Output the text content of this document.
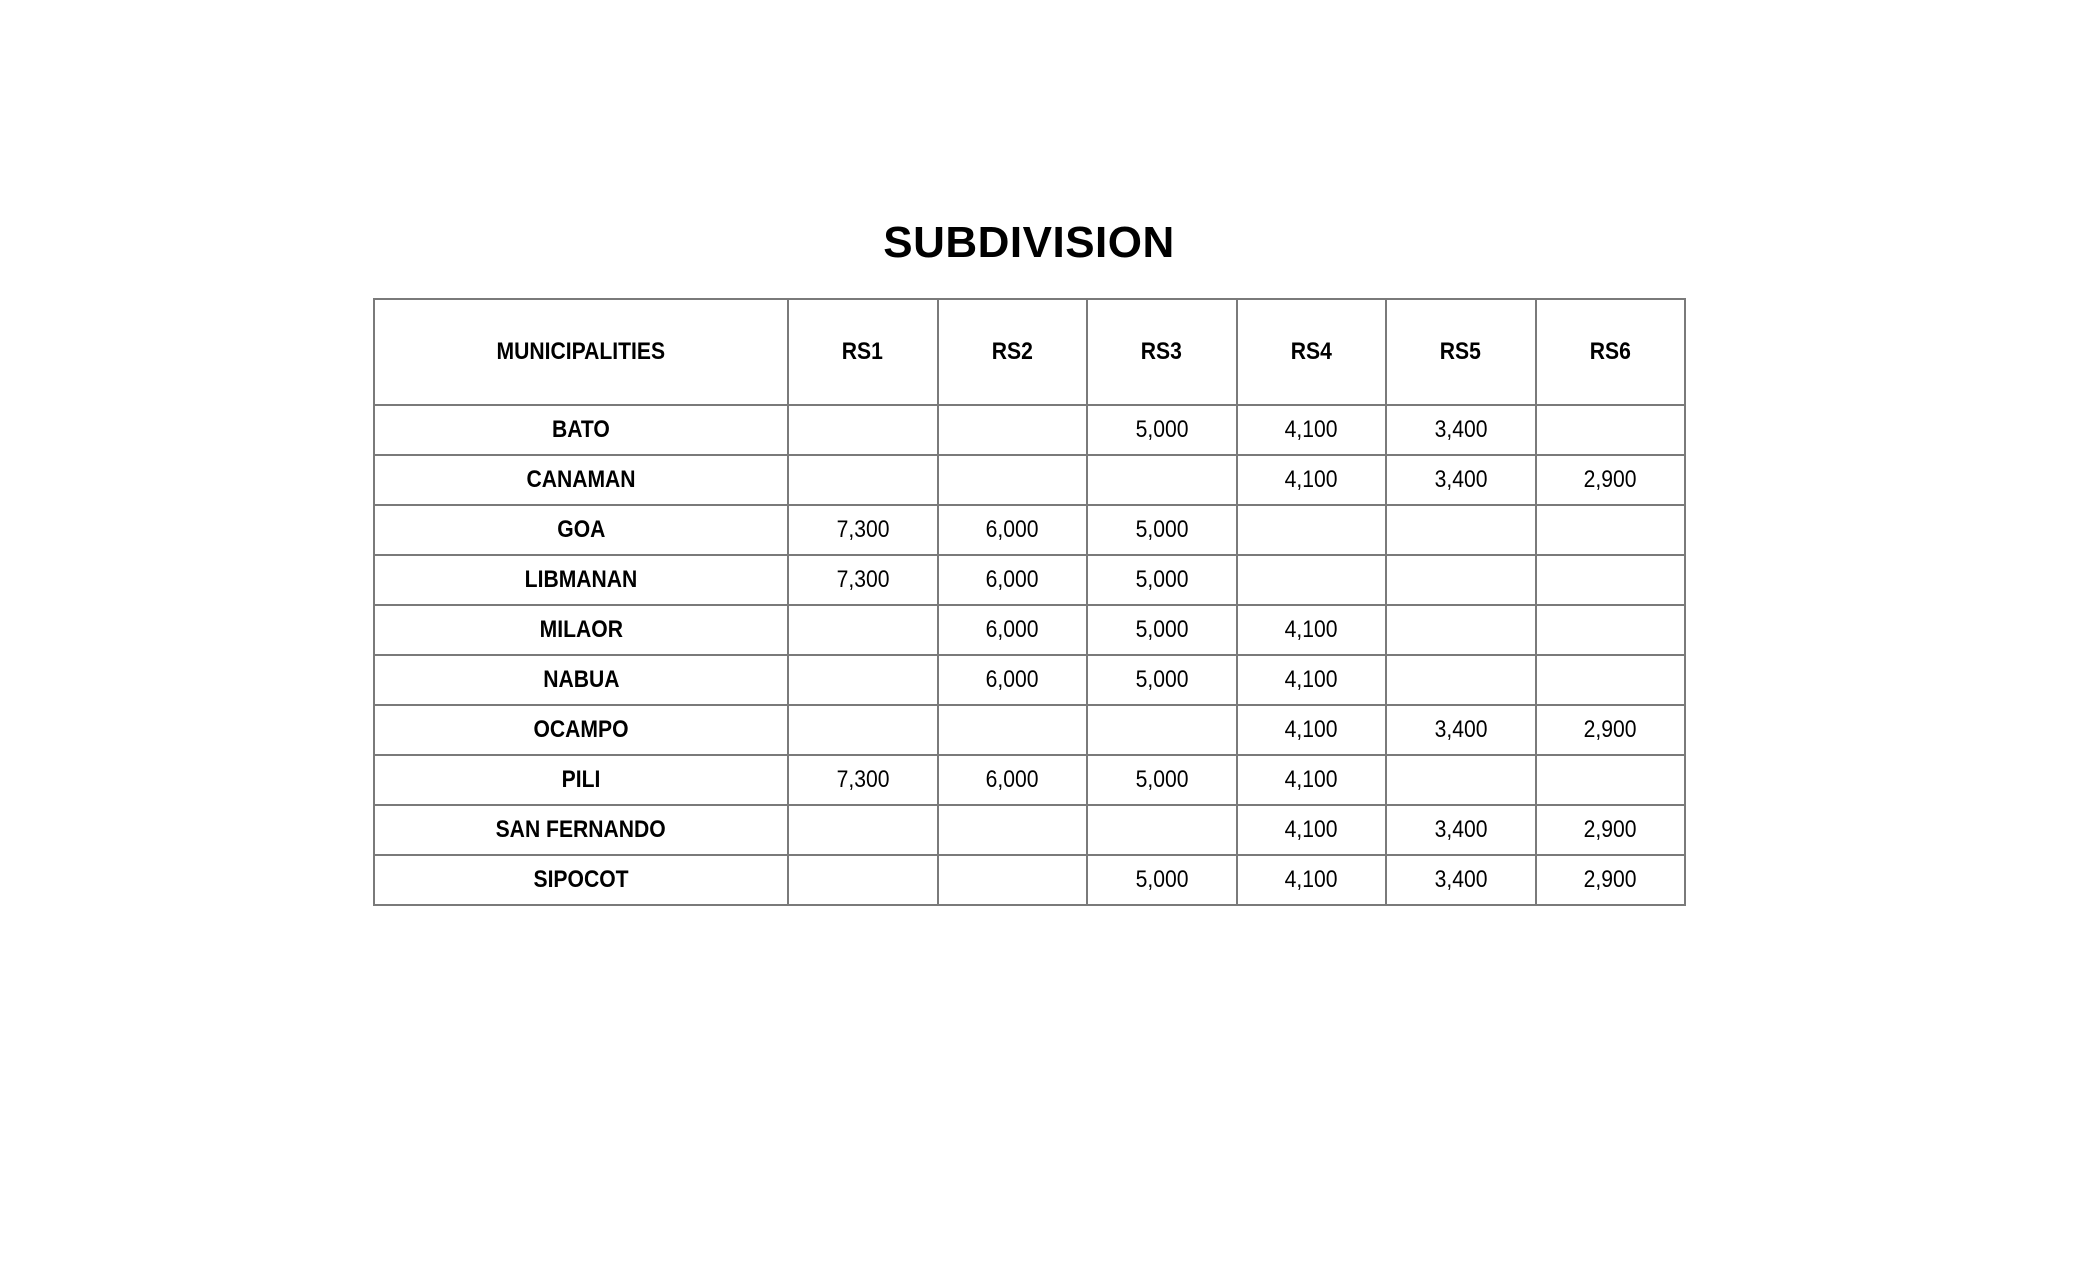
SUBDIVISION
MUNICIPALITIES	RS1	RS2	RS3	RS4	RS5	RS6
BATO			5,000	4,100	3,400	
CANAMAN				4,100	3,400	2,900
GOA	7,300	6,000	5,000			
LIBMANAN	7,300	6,000	5,000			
MILAOR		6,000	5,000	4,100		
NABUA		6,000	5,000	4,100		
OCAMPO				4,100	3,400	2,900
PILI	7,300	6,000	5,000	4,100		
SAN FERNANDO				4,100	3,400	2,900
SIPOCOT			5,000	4,100	3,400	2,900
